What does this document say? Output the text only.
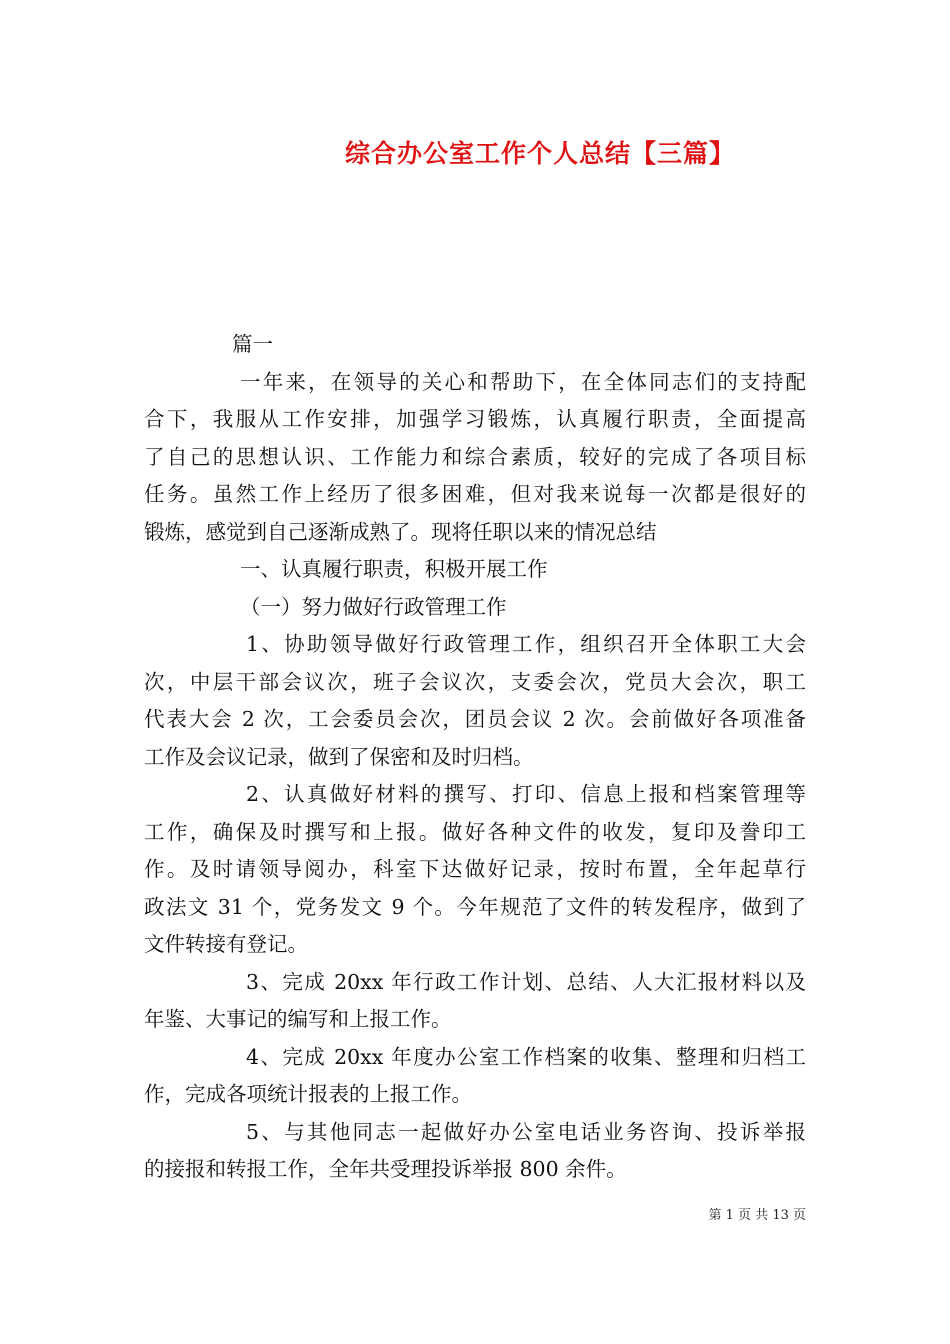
综合办公室工作个人总结【三篇】
篇一
一年来，在领导的关心和帮助下，在全体同志们的支持配
合下，我服从工作安排，加强学习锻炼，认真履行职责，全面提高
了自己的思想认识、工作能力和综合素质，较好的完成了各项目标
任务。虽然工作上经历了很多困难，但对我来说每一次都是很好的
锻炼，感觉到自己逐渐成熟了。现将任职以来的情况总结
一、认真履行职责，积极开展工作
（一）努力做好行政管理工作
1、协助领导做好行政管理工作，组织召开全体职工大会
次，中层干部会议次，班子会议次，支委会次，党员大会次，职工
代表大会 2 次，工会委员会次，团员会议 2 次。会前做好各项准备
工作及会议记录，做到了保密和及时归档。
2、认真做好材料的撰写、打印、信息上报和档案管理等
工作，确保及时撰写和上报。做好各种文件的收发，复印及誊印工
作。及时请领导阅办，科室下达做好记录，按时布置，全年起草行
政法文 31 个，党务发文 9 个。今年规范了文件的转发程序，做到了
文件转接有登记。
3、完成 20xx 年行政工作计划、总结、人大汇报材料以及
年鉴、大事记的编写和上报工作。
4、完成 20xx 年度办公室工作档案的收集、整理和归档工
作，完成各项统计报表的上报工作。
5、与其他同志一起做好办公室电话业务咨询、投诉举报
的接报和转报工作，全年共受理投诉举报 800 余件。
第 1 页 共 13 页
